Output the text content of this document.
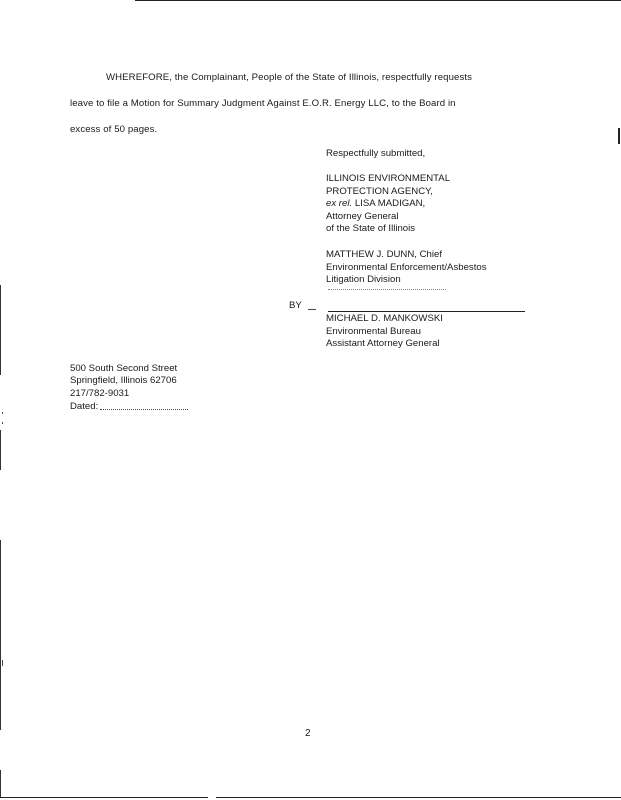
WHEREFORE, the Complainant, People of the State of Illinois, respectfully requests
leave to file a Motion for Summary Judgment Against E.O.R. Energy LLC, to the Board in
excess of 50 pages.
Respectfully submitted,
ILLINOIS ENVIRONMENTAL
PROTECTION AGENCY,
ex rel. LISA MADIGAN,
Attorney General
of the State of Illinois
MATTHEW J. DUNN, Chief
Environmental Enforcement/Asbestos
Litigation Division
BY
MICHAEL D. MANKOWSKI
Environmental Bureau
Assistant Attorney General
500 South Second Street
Springfield, Illinois 62706
217/782-9031
Dated:
2
